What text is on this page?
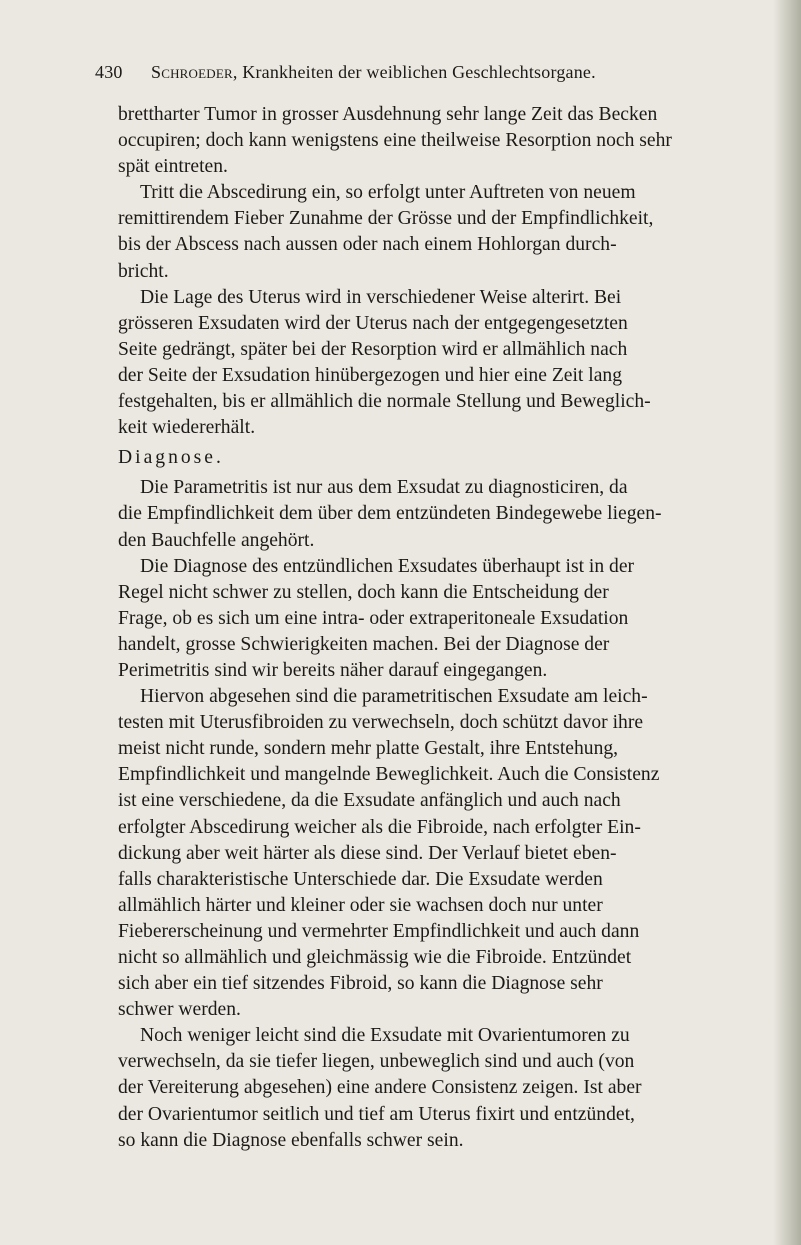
430 Schroeder, Krankheiten der weiblichen Geschlechtsorgane.

brettharter Tumor in grosser Ausdehnung sehr lange Zeit das Becken
occupiren; doch kann wenigstens eine theilweise Resorption noch sehr
spät eintreten.

Tritt die Abscedirung ein, so erfolgt unter Auftreten von neuem
remittirendem Fieber Zunahme der Grösse und der Empfindlichkeit,
bis der Abscess nach aussen oder nach einem Hohlorgan durch-
bricht.

Die Lage des Uterus wird in verschiedener Weise alterirt. Bei
grösseren Exsudaten wird der Uterus nach der entgegengesetzten
Seite gedrängt, später bei der Resorption wird er allmählich nach
der Seite der Exsudation hinübergezogen und hier eine Zeit lang
festgehalten, bis er allmählich die normale Stellung und Beweglich-
keit wiedererhält.

Diagnose.

Die Parametritis ist nur aus dem Exsudat zu diagnosticiren, da
die Empfindlichkeit dem über dem entzündeten Bindegewebe liegen-
den Bauchfelle angehört.

Die Diagnose des entzündlichen Exsudates überhaupt ist in der
Regel nicht schwer zu stellen, doch kann die Entscheidung der
Frage, ob es sich um eine intra- oder extraperitoneale Exsudation
handelt, grosse Schwierigkeiten machen. Bei der Diagnose der
Perimetritis sind wir bereits näher darauf eingegangen.

Hiervon abgesehen sind die parametritischen Exsudate am leich-
testen mit Uterusfibroiden zu verwechseln, doch schützt davor ihre
meist nicht runde, sondern mehr platte Gestalt, ihre Entstehung,
Empfindlichkeit und mangelnde Beweglichkeit. Auch die Consistenz
ist eine verschiedene, da die Exsudate anfänglich und auch nach
erfolgter Abscedirung weicher als die Fibroide, nach erfolgter Ein-
dickung aber weit härter als diese sind. Der Verlauf bietet eben-
falls charakteristische Unterschiede dar. Die Exsudate werden
allmählich härter und kleiner oder sie wachsen doch nur unter
Fiebererscheinung und vermehrter Empfindlichkeit und auch dann
nicht so allmählich und gleichmässig wie die Fibroide. Entzündet
sich aber ein tief sitzendes Fibroid, so kann die Diagnose sehr
schwer werden.

Noch weniger leicht sind die Exsudate mit Ovarientumoren zu
verwechseln, da sie tiefer liegen, unbeweglich sind und auch (von
der Vereiterung abgesehen) eine andere Consistenz zeigen. Ist aber
der Ovarientumor seitlich und tief am Uterus fixirt und entzündet,
so kann die Diagnose ebenfalls schwer sein.
